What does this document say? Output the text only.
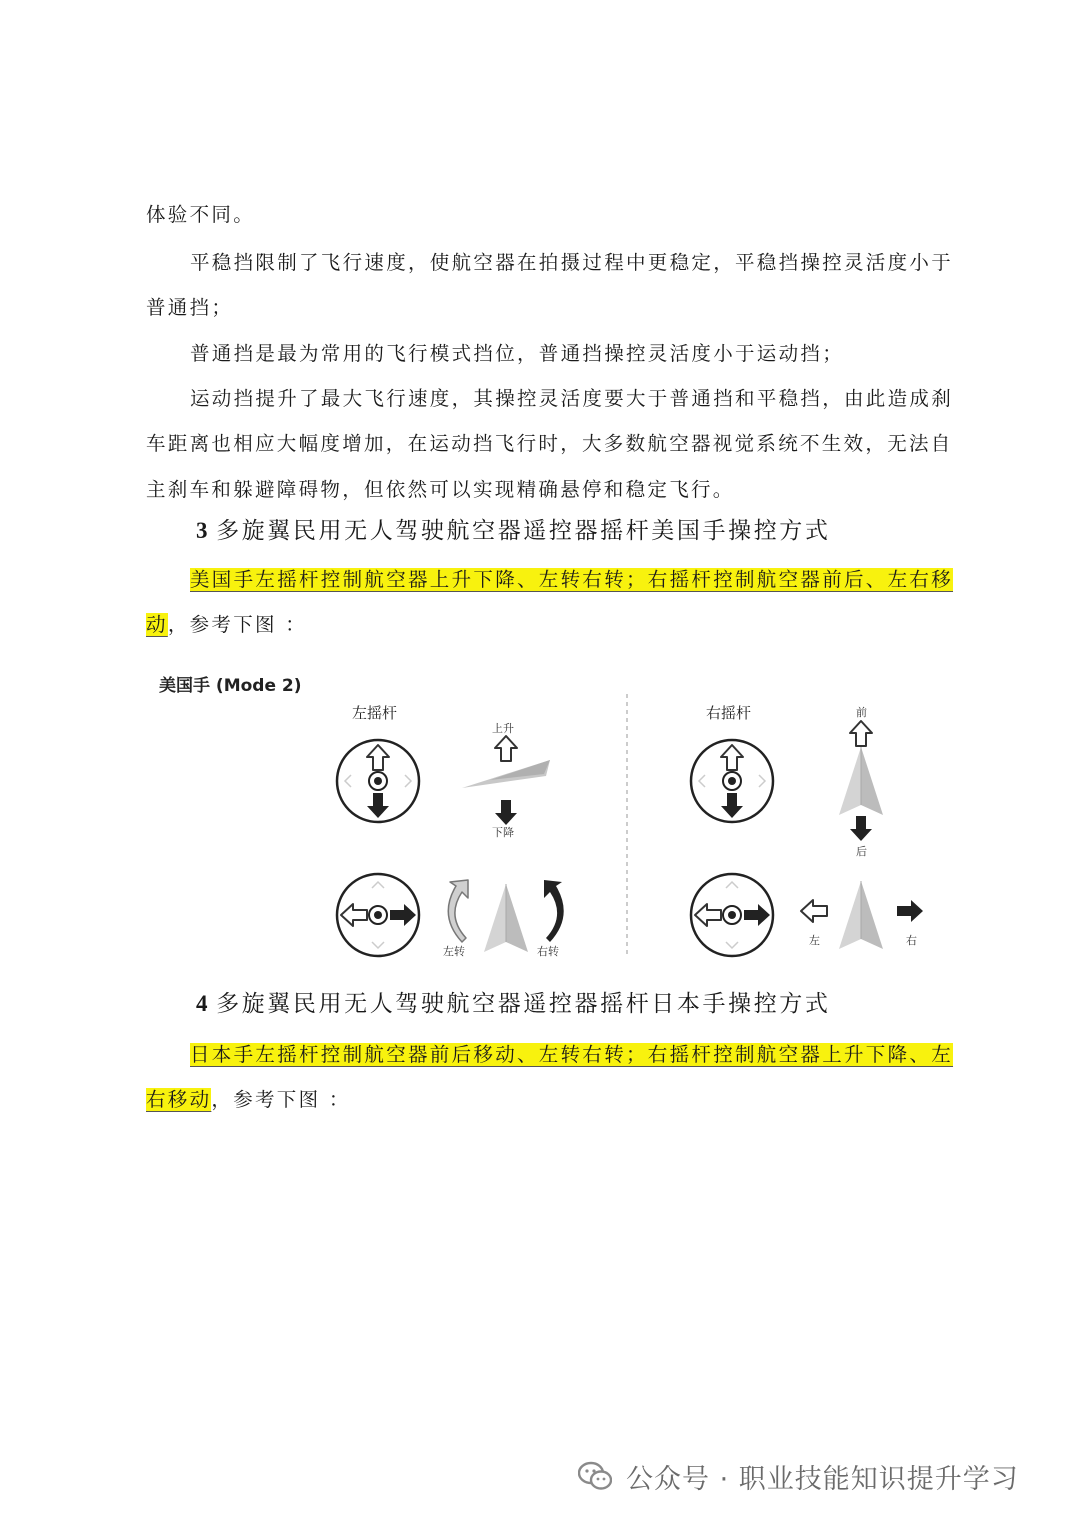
体验不同。

平稳挡限制了飞行速度，使航空器在拍摄过程中更稳定，平稳挡操控灵活度小于

普通挡；

普通挡是最为常用的飞行模式挡位，普通挡操控灵活度小于运动挡；

运动挡提升了最大飞行速度，其操控灵活度要大于普通挡和平稳挡，由此造成刹

车距离也相应大幅度增加，在运动挡飞行时，大多数航空器视觉系统不生效，无法自

主刹车和躲避障碍物，但依然可以实现精确悬停和稳定飞行。

3 多旋翼民用无人驾驶航空器遥控器摇杆美国手操控方式

美国手左摇杆控制航空器上升下降、左转右转；右摇杆控制航空器前后、左右移

动，参考下图 ：

美国手 (Mode 2)
左摇杆	右摇杆
上升
下降
左转	右转
前
后
左	右
4 多旋翼民用无人驾驶航空器遥控器摇杆日本手操控方式

日本手左摇杆控制航空器前后移动、左转右转；右摇杆控制航空器上升下降、左

右移动，参考下图 ：

公众号 · 职业技能知识提升学习
